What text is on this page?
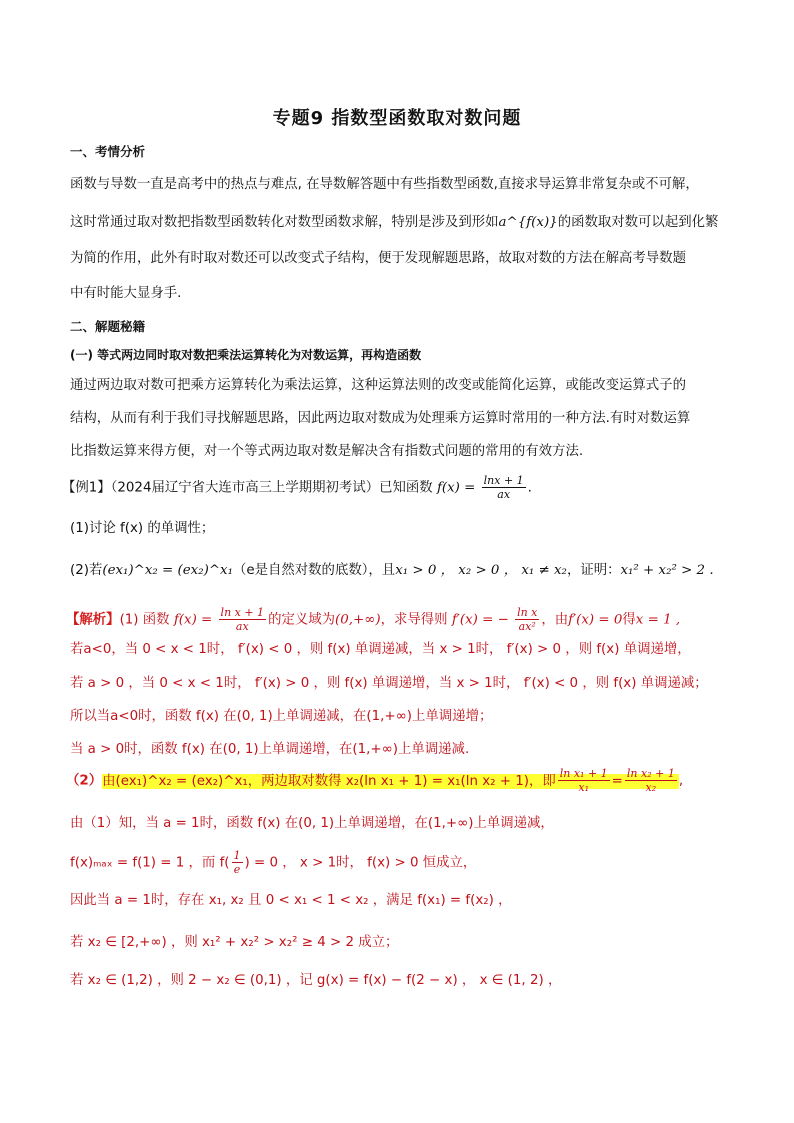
专题9 指数型函数取对数问题
一、考情分析
函数与导数一直是高考中的热点与难点, 在导数解答题中有些指数型函数,直接求导运算非常复杂或不可解，
这时常通过取对数把指数型函数转化对数型函数求解，特别是涉及到形如a^{f(x)}的函数取对数可以起到化繁
为简的作用，此外有时取对数还可以改变式子结构，便于发现解题思路，故取对数的方法在解高考导数题
中有时能大显身手.
二、解题秘籍
(一) 等式两边同时取对数把乘法运算转化为对数运算，再构造函数
通过两边取对数可把乘方运算转化为乘法运算，这种运算法则的改变或能简化运算，或能改变运算式子的
结构，从而有利于我们寻找解题思路，因此两边取对数成为处理乘方运算时常用的一种方法.有时对数运算
比指数运算来得方便，对一个等式两边取对数是解决含有指数式问题的常用的有效方法.
【例1】（2024届辽宁省大连市高三上学期期初考试）已知函数 $f(x) = \frac{\ln x + 1}{ax}$ .
(1)讨论 f(x) 的单调性；
(2)若(ex₁)^x₂ = (ex₂)^x₁（e是自然对数的底数），且x₁ > 0 ， x₂ > 0 ， x₁ ≠ x₂，证明：x₁² + x₂² > 2 .
【解析】(1) 函数 $f(x) = \frac{\text{ln x + 1}}{ax}$ 的定义域为(0,+∞)，求导得则 f′(x) = − $\frac{\text{ln x}}{\text{ax²}}$ ，由f′(x) = 0得x = 1 ,
若a<0，当 0 < x < 1时， f′(x) < 0 ，则 f(x) 单调递减，当 x > 1时， f′(x) > 0 ，则 f(x) 单调递增，
若 a > 0 ，当 0 < x < 1时， f′(x) > 0 ，则 f(x) 单调递增，当 x > 1时， f′(x) < 0 ，则 f(x) 单调递减；
所以当a<0时，函数 f(x) 在(0, 1)上单调递减，在(1,+∞)上单调递增；
当 a > 0时，函数 f(x) 在(0, 1)上单调递增，在(1,+∞)上单调递减.
（2）由(ex₁)^x₂ = (ex₂)^x₁，两边取对数得 x₂(ln x₁ + 1) = x₁(ln x₂ + 1)，即 $\frac{\text{ln x₁ + 1}}{\text{x₁}} = \frac{\text{ln x₂ + 1}}{\text{x₂}}$ ,
由（1）知，当 a = 1时，函数 f(x) 在(0, 1)上单调递增，在(1,+∞)上单调递减，
f(x)ₘₐₓ = f(1) = 1 ，而 $f( \frac{1}{e}$ ) = 0 ， x > 1时， f(x) > 0 恒成立，
因此当 a = 1时，存在 x₁, x₂ 且 0 < x₁ < 1 < x₂ ，满足 f(x₁) = f(x₂) ，
若 x₂ ∈ [2,+∞) ，则 x₁² + x₂² > x₂² ≥ 4 > 2 成立；
若 x₂ ∈ (1,2) ，则 2 − x₂ ∈ (0,1) ，记 g(x) = f(x) − f(2 − x) ， x ∈ (1, 2) ，
